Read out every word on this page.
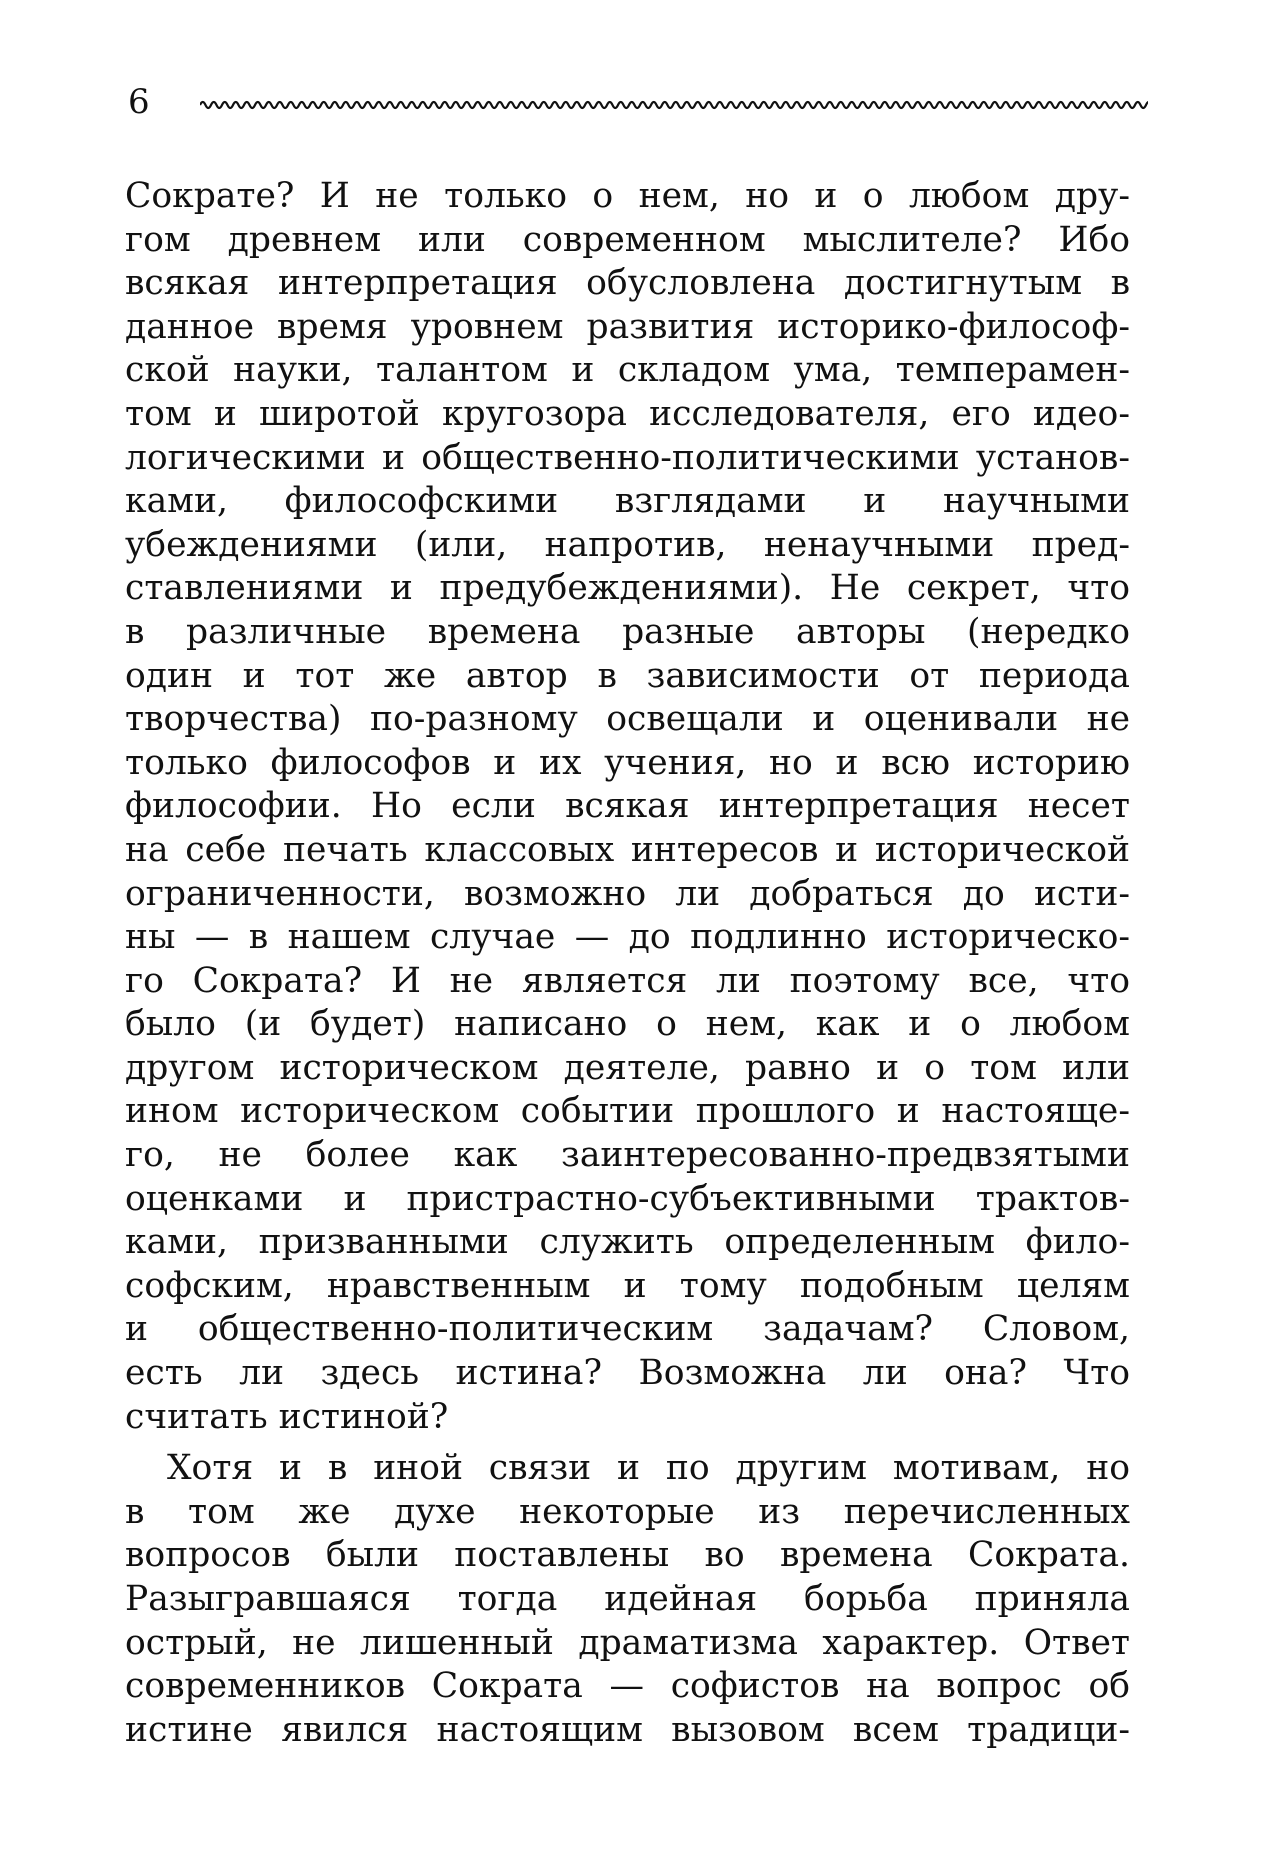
6
Сократе? И не только о нем, но и о любом дру-
гом древнем или современном мыслителе? Ибо
всякая интерпретация обусловлена достигнутым в
данное время уровнем развития историко-философ-
ской науки, талантом и складом ума, темперамен-
том и широтой кругозора исследователя, его идео-
логическими и общественно-политическими установ-
ками, философскими взглядами и научными
убеждениями (или, напротив, ненаучными пред-
ставлениями и предубеждениями). Не секрет, что
в различные времена разные авторы (нередко
один и тот же автор в зависимости от периода
творчества) по-разному освещали и оценивали не
только философов и их учения, но и всю историю
философии. Но если всякая интерпретация несет
на себе печать классовых интересов и исторической
ограниченности, возможно ли добраться до исти-
ны — в нашем случае — до подлинно историческо-
го Сократа? И не является ли поэтому все, что
было (и будет) написано о нем, как и о любом
другом историческом деятеле, равно и о том или
ином историческом событии прошлого и настояще-
го, не более как заинтересованно-предвзятыми
оценками и пристрастно-субъективными трактов-
ками, призванными служить определенным фило-
софским, нравственным и тому подобным целям
и общественно-политическим задачам? Словом,
есть ли здесь истина? Возможна ли она? Что
считать истиной?
Хотя и в иной связи и по другим мотивам, но
в том же духе некоторые из перечисленных
вопросов были поставлены во времена Сократа.
Разыгравшаяся тогда идейная борьба приняла
острый, не лишенный драматизма характер. Ответ
современников Сократа — софистов на вопрос об
истине явился настоящим вызовом всем традици-
